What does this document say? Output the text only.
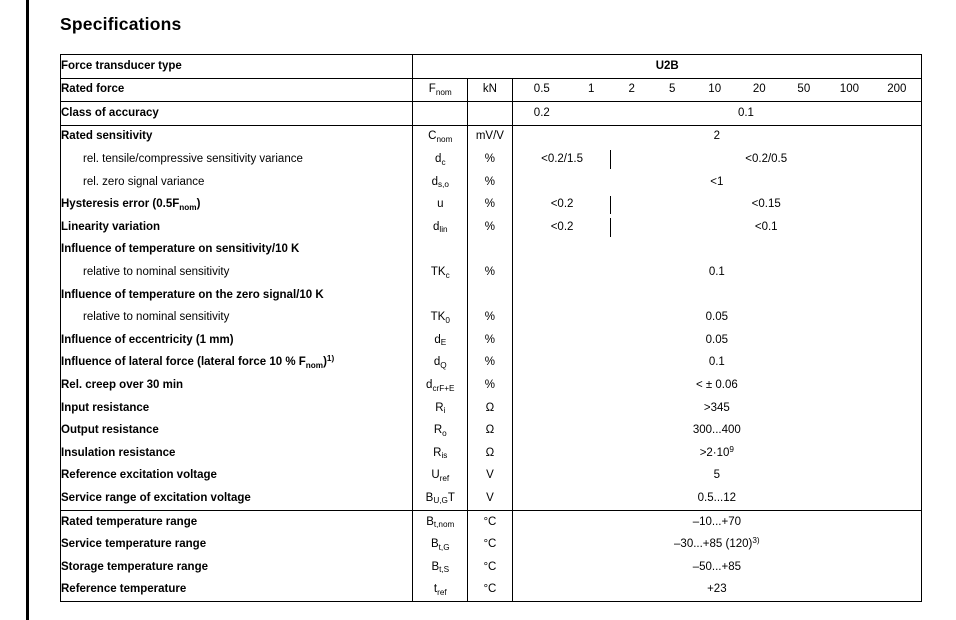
Specifications
Force transducer type	U2B										
Rated force	$F_{nom}$	kN	0.5	1	2	5	10	20	50	100	200
Class of accuracy			0.2	0.1							
Rated sensitivity	$C_{nom}$	mV/V	2								
rel. tensile/compressive sensitivity variance	$d_c$	%	<0.2/1.5		<0.2/0.5						
rel. zero signal variance	$d_{s,o}$	%	<1								
Hysteresis error $(0.5F_{nom})$	u	%	<0.2		<0.15						
Linearity variation	$d_{lin}$	%	<0.2		<0.1						
Influence of temperature on sensitivity/10 K											
relative to nominal sensitivity	$TK_c$	%	0.1								
Influence of temperature on the zero signal/10 K											
relative to nominal sensitivity	$TK_0$	%	0.05								
Influence of eccentricity (1 mm)	$d_E$	%	0.05								
Influence of lateral force (lateral force 10 % $F_{nom})^{1)}$	$d_Q$	%	0.1								
Rel. creep over 30 min	$d_{crF+E}$	%	< ± 0.06								
Input resistance	$R_i$	Ω	>345								
Output resistance	$R_o$	Ω	300...400								
Insulation resistance	$R_{is}$	Ω	$>2\cdot 10^9$
Reference excitation voltage	$U_{ref}$	V	5								
Service range of excitation voltage	$B_{U,G}T$	V	0.5...12								
Rated temperature range	$B_{t,nom}$	°C	–10...+70								
Service temperature range	$B_{t,G}$	°C	–30...+85 $(120)^{3)}$
Storage temperature range	$B_{t,S}$	°C	–50...+85								
Reference temperature	$t_{ref}$	°C	+23								
